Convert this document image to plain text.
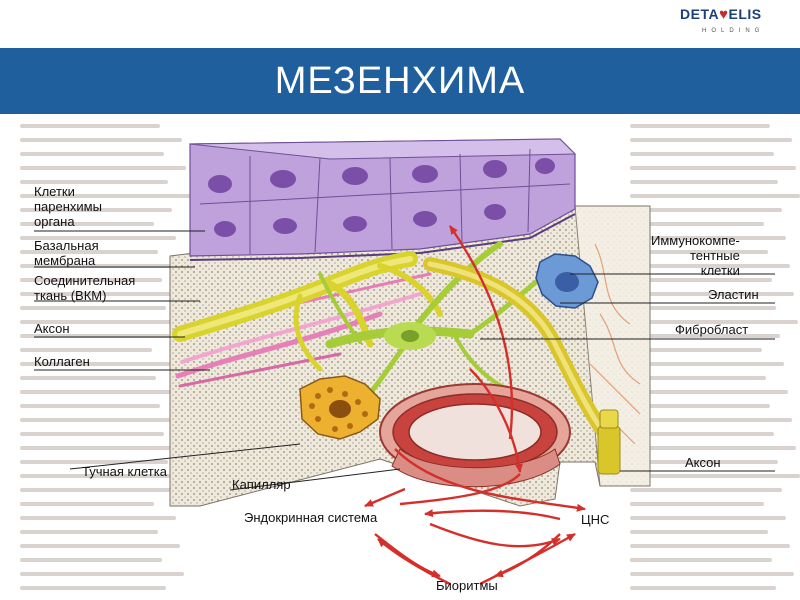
DETA♥ELIS
HOLDING
МЕЗЕНХИМА
Клетки
паренхимы
органа
Базальная
мембрана
Соединительная
ткань (ВКМ)
Аксон
Коллаген
Тучная клетка
Капилляр
Иммунокомпе-
тентные
клетки
Эластин
Фибробласт
Аксон
Эндокринная система	ЦНС
Биоритмы
